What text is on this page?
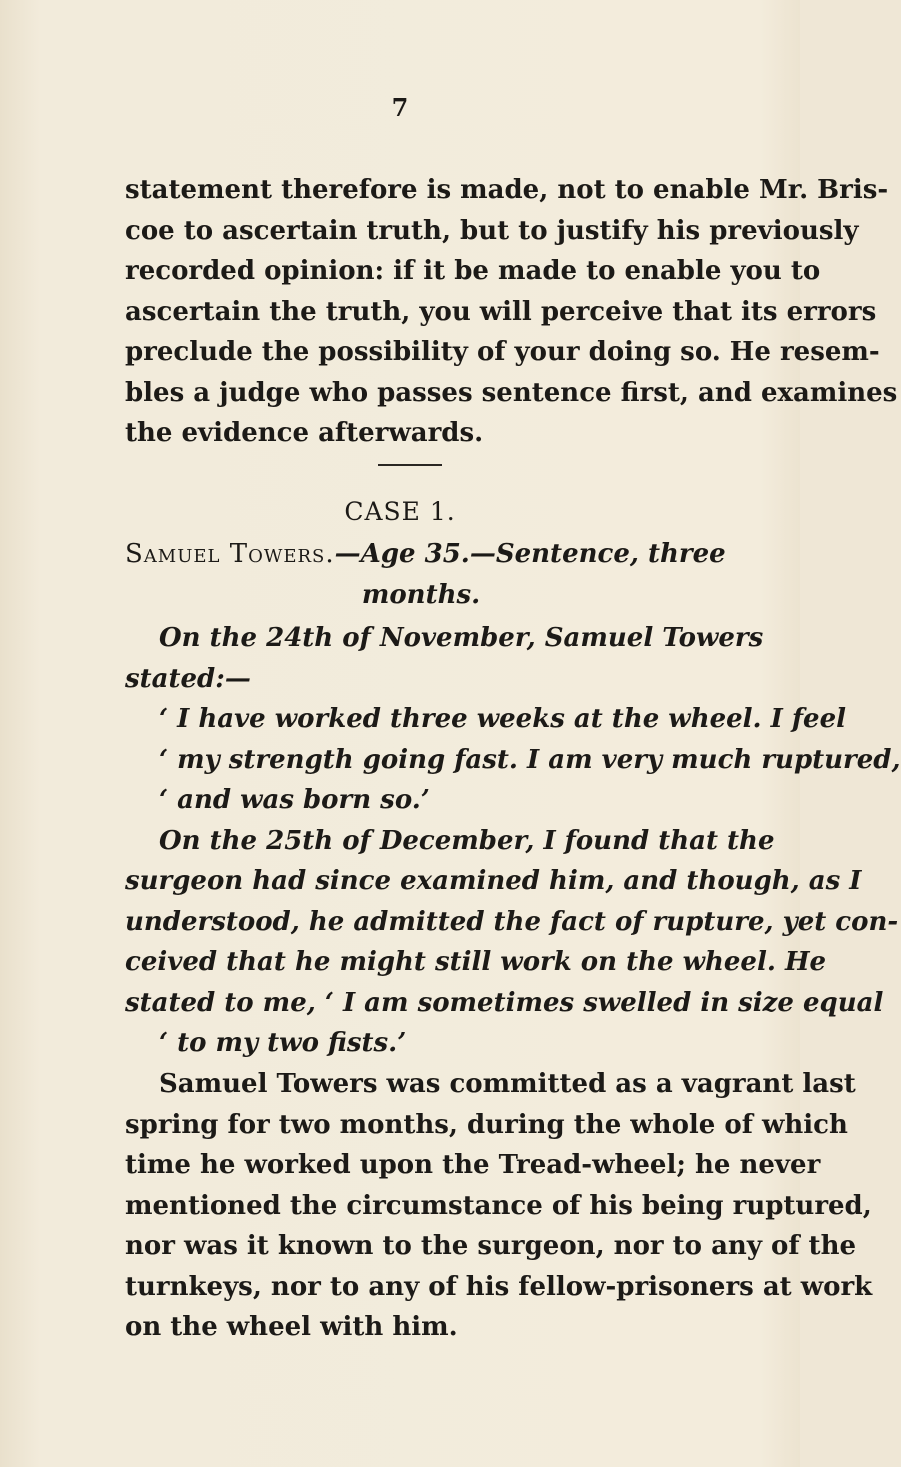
7
statement therefore is made, not to enable Mr. Bris-
coe to ascertain truth, but to justify his previously
recorded opinion: if it be made to enable you to
ascertain the truth, you will perceive that its errors
preclude the possibility of your doing so. He resem-
bles a judge who passes sentence first, and examines
the evidence afterwards.
CASE 1.
Samuel Towers.—Age 35.—Sentence, three
months.
On the 24th of November, Samuel Towers
stated:—
‘ I have worked three weeks at the wheel. I feel
‘ my strength going fast. I am very much ruptured,
‘ and was born so.’
On the 25th of December, I found that the
surgeon had since examined him, and though, as I
understood, he admitted the fact of rupture, yet con-
ceived that he might still work on the wheel. He
stated to me, ‘ I am sometimes swelled in size equal
‘ to my two fists.’
Samuel Towers was committed as a vagrant last
spring for two months, during the whole of which
time he worked upon the Tread-wheel; he never
mentioned the circumstance of his being ruptured,
nor was it known to the surgeon, nor to any of the
turnkeys, nor to any of his fellow-prisoners at work
on the wheel with him.
